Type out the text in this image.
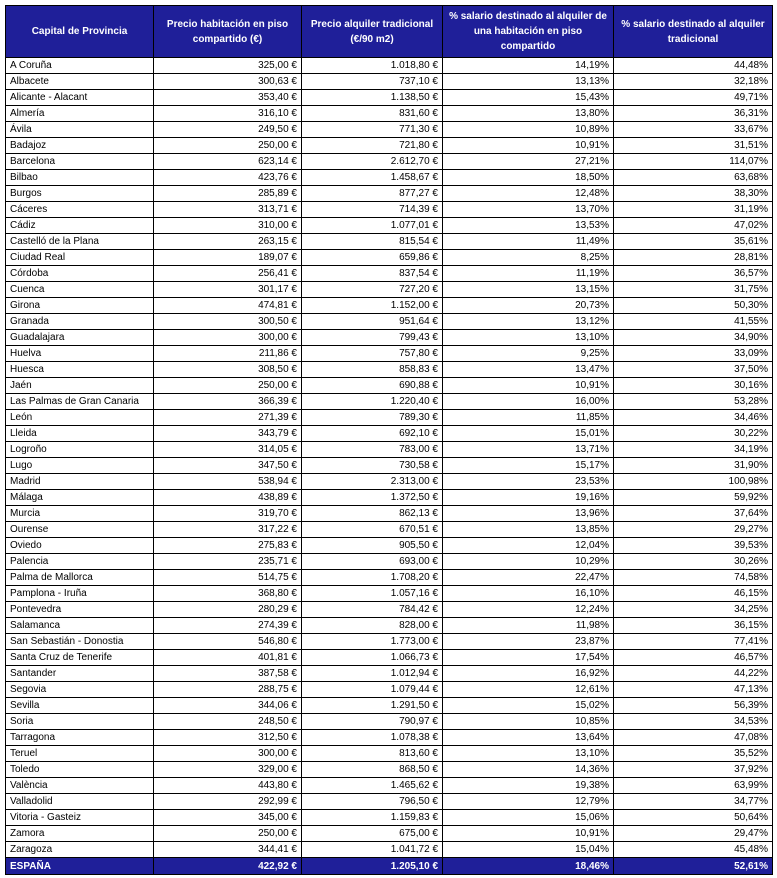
Capital de Provincia	Precio habitación en piso compartido (€)	Precio alquiler tradicional (€/90 m2)	% salario destinado al alquiler de una habitación en piso compartido	% salario destinado al alquiler tradicional
A Coruña	325,00 €	1.018,80 €	14,19%	44,48%
Albacete	300,63 €	737,10 €	13,13%	32,18%
Alicante - Alacant	353,40 €	1.138,50 €	15,43%	49,71%
Almería	316,10 €	831,60 €	13,80%	36,31%
Ávila	249,50 €	771,30 €	10,89%	33,67%
Badajoz	250,00 €	721,80 €	10,91%	31,51%
Barcelona	623,14 €	2.612,70 €	27,21%	114,07%
Bilbao	423,76 €	1.458,67 €	18,50%	63,68%
Burgos	285,89 €	877,27 €	12,48%	38,30%
Cáceres	313,71 €	714,39 €	13,70%	31,19%
Cádiz	310,00 €	1.077,01 €	13,53%	47,02%
Castelló de la Plana	263,15 €	815,54 €	11,49%	35,61%
Ciudad Real	189,07 €	659,86 €	8,25%	28,81%
Córdoba	256,41 €	837,54 €	11,19%	36,57%
Cuenca	301,17 €	727,20 €	13,15%	31,75%
Girona	474,81 €	1.152,00 €	20,73%	50,30%
Granada	300,50 €	951,64 €	13,12%	41,55%
Guadalajara	300,00 €	799,43 €	13,10%	34,90%
Huelva	211,86 €	757,80 €	9,25%	33,09%
Huesca	308,50 €	858,83 €	13,47%	37,50%
Jaén	250,00 €	690,88 €	10,91%	30,16%
Las Palmas de Gran Canaria	366,39 €	1.220,40 €	16,00%	53,28%
León	271,39 €	789,30 €	11,85%	34,46%
Lleida	343,79 €	692,10 €	15,01%	30,22%
Logroño	314,05 €	783,00 €	13,71%	34,19%
Lugo	347,50 €	730,58 €	15,17%	31,90%
Madrid	538,94 €	2.313,00 €	23,53%	100,98%
Málaga	438,89 €	1.372,50 €	19,16%	59,92%
Murcia	319,70 €	862,13 €	13,96%	37,64%
Ourense	317,22 €	670,51 €	13,85%	29,27%
Oviedo	275,83 €	905,50 €	12,04%	39,53%
Palencia	235,71 €	693,00 €	10,29%	30,26%
Palma de Mallorca	514,75 €	1.708,20 €	22,47%	74,58%
Pamplona - Iruña	368,80 €	1.057,16 €	16,10%	46,15%
Pontevedra	280,29 €	784,42 €	12,24%	34,25%
Salamanca	274,39 €	828,00 €	11,98%	36,15%
San Sebastián - Donostia	546,80 €	1.773,00 €	23,87%	77,41%
Santa Cruz de Tenerife	401,81 €	1.066,73 €	17,54%	46,57%
Santander	387,58 €	1.012,94 €	16,92%	44,22%
Segovia	288,75 €	1.079,44 €	12,61%	47,13%
Sevilla	344,06 €	1.291,50 €	15,02%	56,39%
Soria	248,50 €	790,97 €	10,85%	34,53%
Tarragona	312,50 €	1.078,38 €	13,64%	47,08%
Teruel	300,00 €	813,60 €	13,10%	35,52%
Toledo	329,00 €	868,50 €	14,36%	37,92%
València	443,80 €	1.465,62 €	19,38%	63,99%
Valladolid	292,99 €	796,50 €	12,79%	34,77%
Vitoria - Gasteiz	345,00 €	1.159,83 €	15,06%	50,64%
Zamora	250,00 €	675,00 €	10,91%	29,47%
Zaragoza	344,41 €	1.041,72 €	15,04%	45,48%
ESPAÑA	422,92 €	1.205,10 €	18,46%	52,61%
